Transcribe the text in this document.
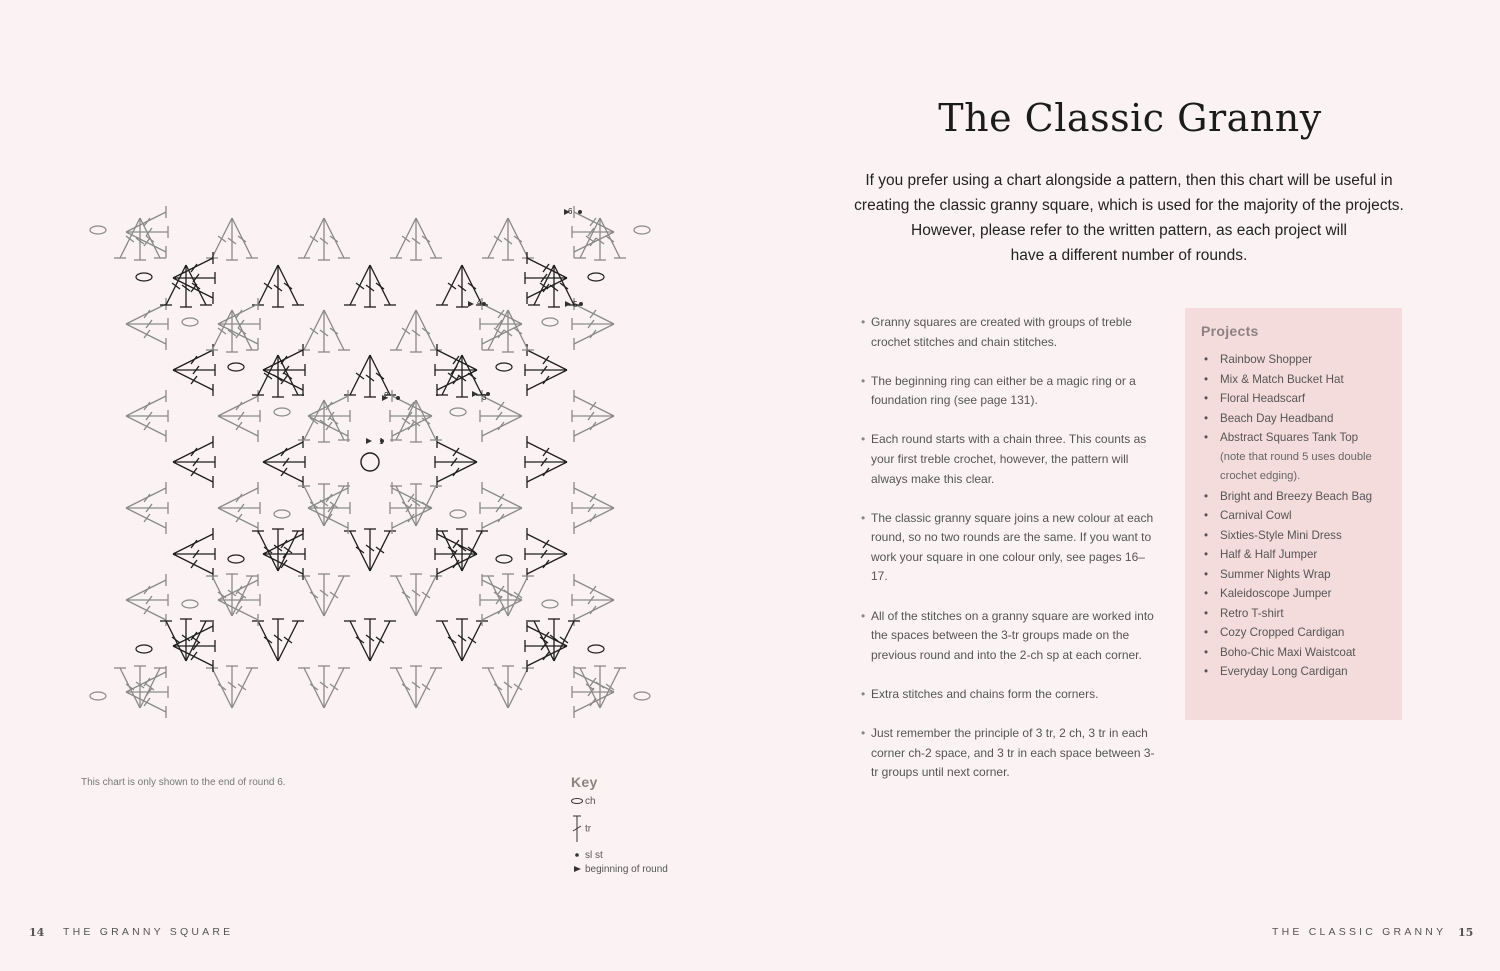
1
2	3
4	5
6
This chart is only shown to the end of round 6.	Key
ch
tr
sl st
beginning of round
14 THE GRANNY SQUARE
The Classic Granny
If you prefer using a chart alongside a pattern, then this chart will be useful in
creating the classic granny square, which is used for the majority of the projects.
However, please refer to the written pattern, as each project will
have a different number of rounds.
• Granny squares are created with groups of treble crochet stitches and chain stitches.
• The beginning ring can either be a magic ring or a foundation ring (see page 131).
• Each round starts with a chain three. This counts as your first treble crochet, however, the pattern will always make this clear.
• The classic granny square joins a new colour at each round, so no two rounds are the same. If you want to work your square in one colour only, see pages 16–17.
• All of the stitches on a granny square are worked into the spaces between the 3-tr groups made on the previous round and into the 2-ch sp at each corner.
• Extra stitches and chains form the corners.
• Just remember the principle of 3 tr, 2 ch, 3 tr in each corner ch-2 space, and 3 tr in each space between 3-tr groups until next corner.
Projects
• Rainbow Shopper
• Mix & Match Bucket Hat
• Floral Headscarf
• Beach Day Headband
• Abstract Squares Tank Top
(note that round 5 uses double crochet edging).
• Bright and Breezy Beach Bag
• Carnival Cowl
• Sixties-Style Mini Dress
• Half & Half Jumper
• Summer Nights Wrap
• Kaleidoscope Jumper
• Retro T-shirt
• Cozy Cropped Cardigan
• Boho-Chic Maxi Waistcoat
• Everyday Long Cardigan
THE CLASSIC GRANNY 15
